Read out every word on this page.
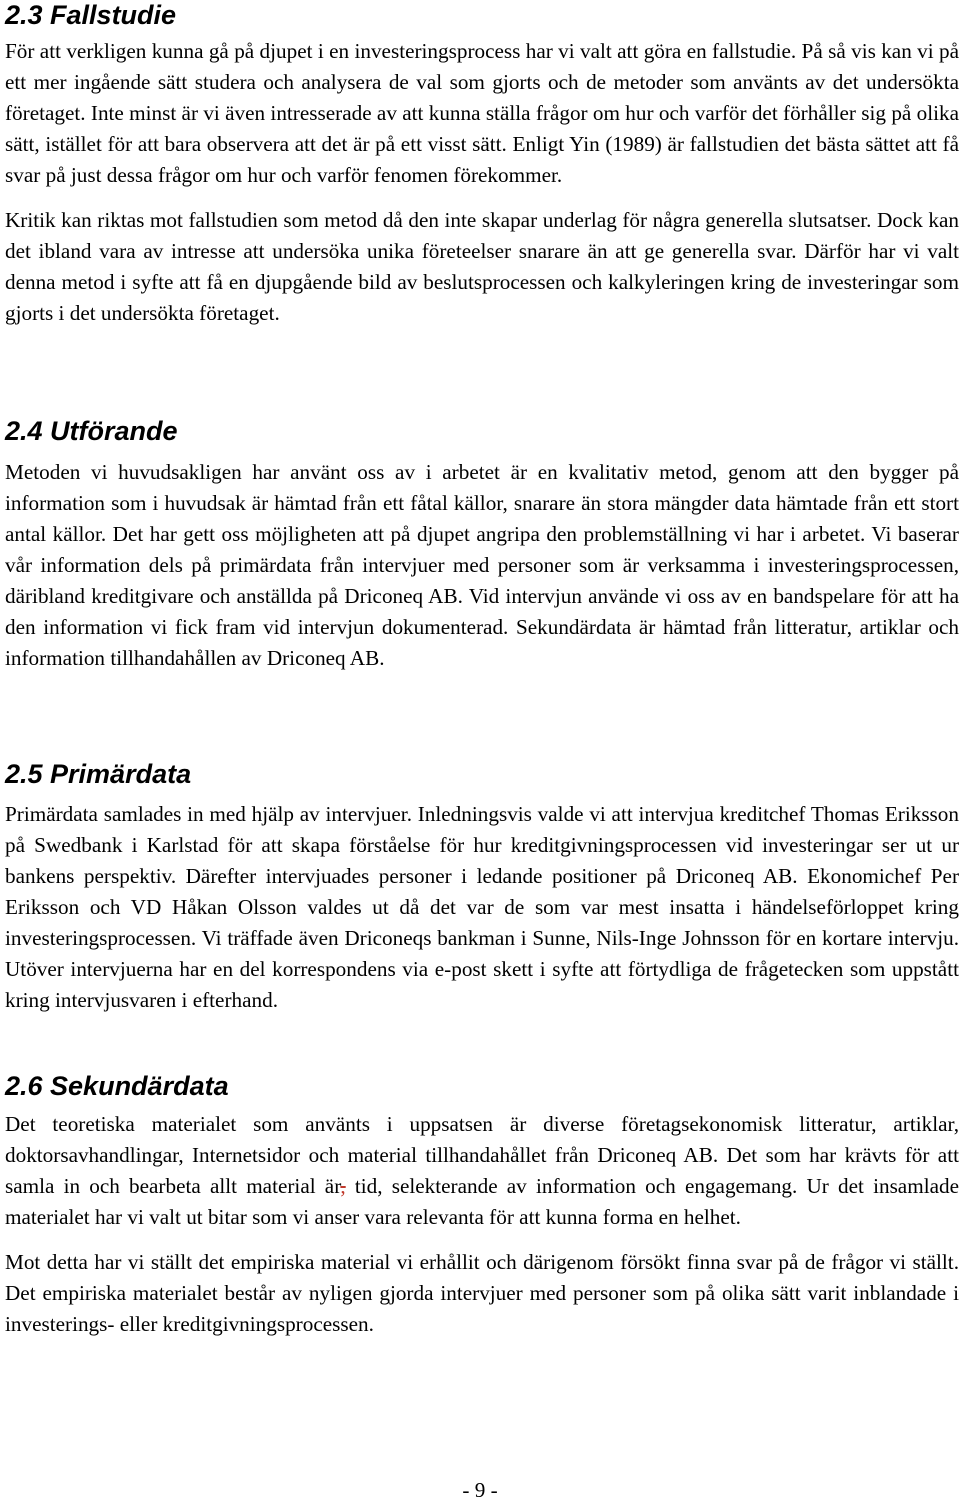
2.3 Fallstudie

För att verkligen kunna gå på djupet i en investeringsprocess har vi valt att göra en fallstudie. På så vis kan vi på ett mer ingående sätt studera och analysera de val som gjorts och de metoder som använts av det undersökta företaget. Inte minst är vi även intresserade av att kunna ställa frågor om hur och varför det förhåller sig på olika sätt, istället för att bara observera att det är på ett visst sätt. Enligt Yin (1989) är fallstudien det bästa sättet att få svar på just dessa frågor om hur och varför fenomen förekommer.

Kritik kan riktas mot fallstudien som metod då den inte skapar underlag för några generella slutsatser. Dock kan det ibland vara av intresse att undersöka unika företeelser snarare än att ge generella svar. Därför har vi valt denna metod i syfte att få en djupgående bild av beslutsprocessen och kalkyleringen kring de investeringar som gjorts i det undersökta företaget.

2.4 Utförande

Metoden vi huvudsakligen har använt oss av i arbetet är en kvalitativ metod, genom att den bygger på information som i huvudsak är hämtad från ett fåtal källor, snarare än stora mängder data hämtade från ett stort antal källor. Det har gett oss möjligheten att på djupet angripa den problemställning vi har i arbetet. Vi baserar vår information dels på primärdata från intervjuer med personer som är verksamma i investeringsprocessen, däribland kreditgivare och anställda på Driconeq AB. Vid intervjun använde vi oss av en bandspelare för att ha den information vi fick fram vid intervjun dokumenterad. Sekundärdata är hämtad från litteratur, artiklar och information tillhandahållen av Driconeq AB.

2.5 Primärdata

Primärdata samlades in med hjälp av intervjuer. Inledningsvis valde vi att intervjua kreditchef Thomas Eriksson på Swedbank i Karlstad för att skapa förståelse för hur kreditgivningsprocessen vid investeringar ser ut ur bankens perspektiv. Därefter intervjuades personer i ledande positioner på Driconeq AB. Ekonomichef Per Eriksson och VD Håkan Olsson valdes ut då det var de som var mest insatta i händelseförloppet kring investeringsprocessen. Vi träffade även Driconeqs bankman i Sunne, Nils-Inge Johnsson för en kortare intervju. Utöver intervjuerna har en del korrespondens via e-post skett i syfte att förtydliga de frågetecken som uppstått kring intervjusvaren i efterhand.

2.6 Sekundärdata

Det teoretiska materialet som använts i uppsatsen är diverse företagsekonomisk litteratur, artiklar, doktorsavhandlingar, Internetsidor och material tillhandahållet från Driconeq AB. Det som har krävts för att samla in och bearbeta allt material är, tid, selekterande av information och engagemang. Ur det insamlade materialet har vi valt ut bitar som vi anser vara relevanta för att kunna forma en helhet.

Mot detta har vi ställt det empiriska material vi erhållit och därigenom försökt finna svar på de frågor vi ställt. Det empiriska materialet består av nyligen gjorda intervjuer med personer som på olika sätt varit inblandade i investerings- eller kreditgivningsprocessen.

- 9 -
